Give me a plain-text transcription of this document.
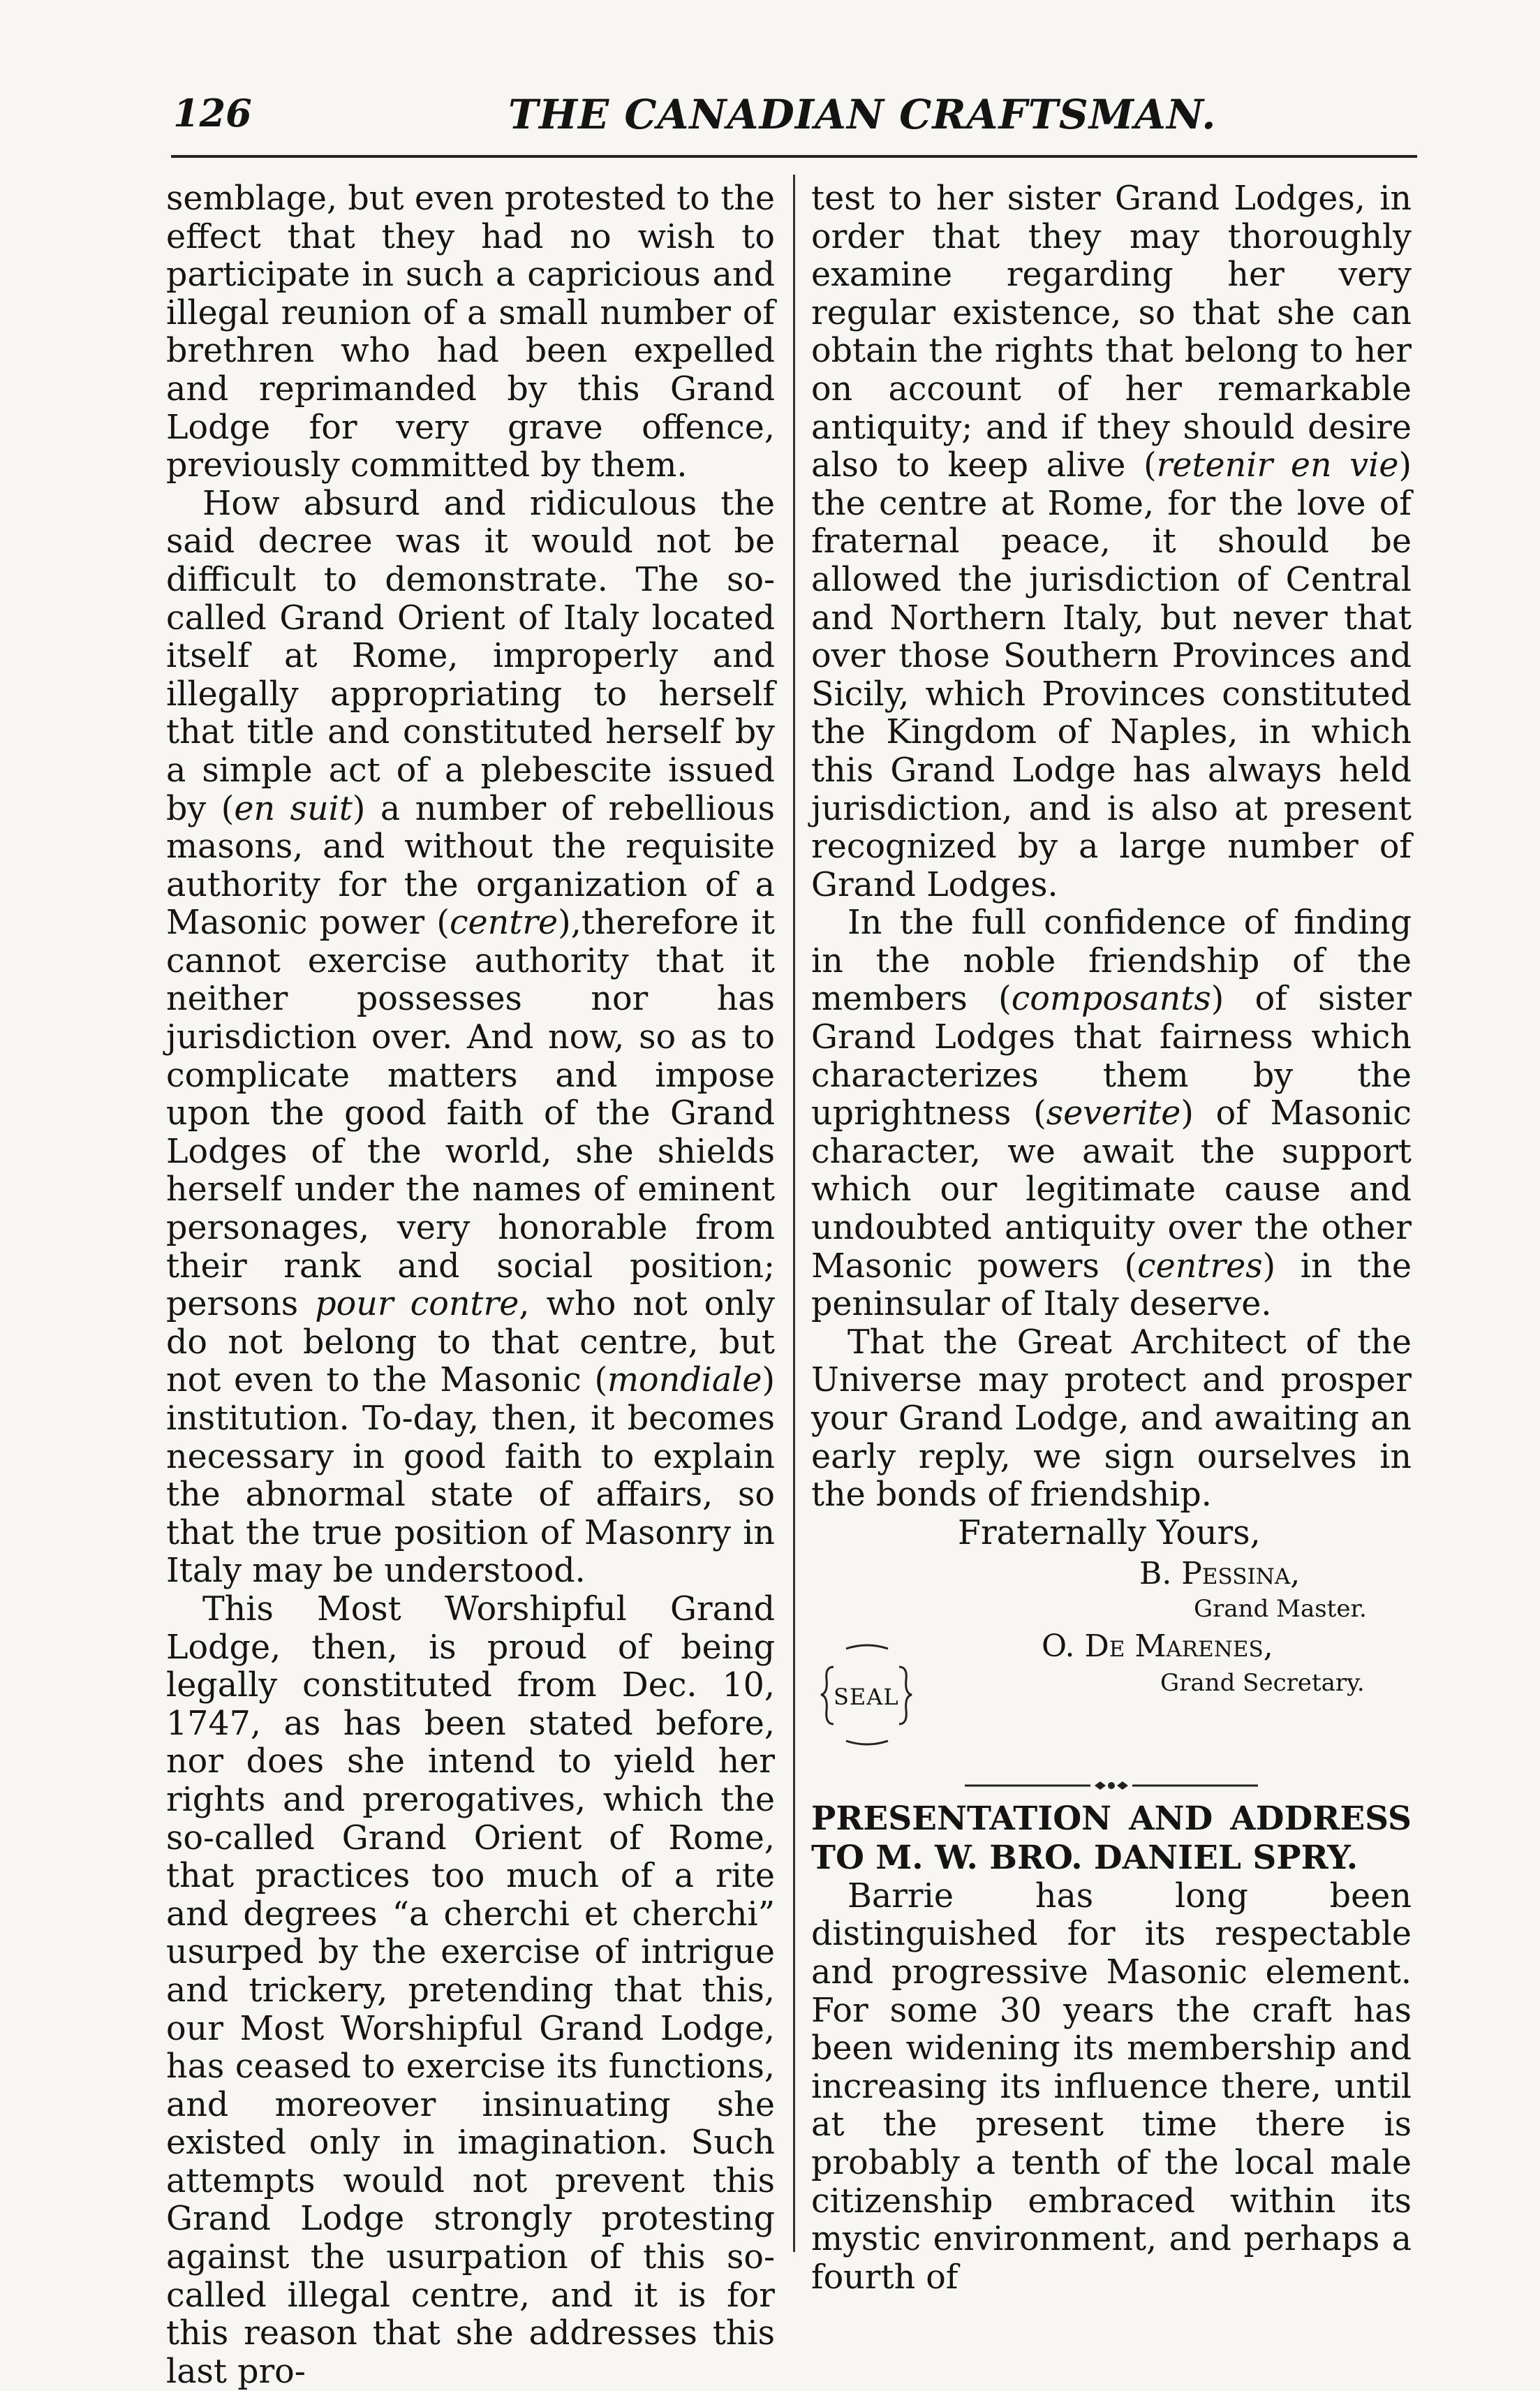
126	THE CANADIAN CRAFTSMAN.

semblage, but even protested to the effect that they had no wish to participate in such a capricious and illegal reunion of a small number of brethren who had been expelled and reprimanded by this Grand Lodge for very grave offence, previously committed by them.

How absurd and ridiculous the said decree was it would not be difficult to demonstrate. The so-called Grand Orient of Italy located itself at Rome, improperly and illegally appropriating to herself that title and constituted herself by a simple act of a plebescite issued by (en suit) a number of rebellious masons, and without the requisite authority for the organization of a Masonic power (centre),therefore it cannot exercise authority that it neither possesses nor has jurisdiction over. And now, so as to complicate matters and impose upon the good faith of the Grand Lodges of the world, she shields herself under the names of eminent personages, very honorable from their rank and social position; persons pour contre, who not only do not belong to that centre, but not even to the Masonic (mondiale) institution. To-day, then, it becomes necessary in good faith to explain the abnormal state of affairs, so that the true position of Masonry in Italy may be understood.

This Most Worshipful Grand Lodge, then, is proud of being legally constituted from Dec. 10, 1747, as has been stated before, nor does she intend to yield her rights and prerogatives, which the so-called Grand Orient of Rome, that practices too much of a rite and degrees “a cherchi et cherchi” usurped by the exercise of intrigue and trickery, pretending that this, our Most Worshipful Grand Lodge, has ceased to exercise its functions, and moreover insinuating she existed only in imagination. Such attempts would not prevent this Grand Lodge strongly protesting against the usurpation of this so-called illegal centre, and it is for this reason that she addresses this last pro-

test to her sister Grand Lodges, in order that they may thoroughly examine regarding her very regular existence, so that she can obtain the rights that belong to her on account of her remarkable antiquity; and if they should desire also to keep alive (retenir en vie) the centre at Rome, for the love of fraternal peace, it should be allowed the jurisdiction of Central and Northern Italy, but never that over those Southern Provinces and Sicily, which Provinces constituted the Kingdom of Naples, in which this Grand Lodge has always held jurisdiction, and is also at present recognized by a large number of Grand Lodges.

In the full confidence of finding in the noble friendship of the members (composants) of sister Grand Lodges that fairness which characterizes them by the uprightness (severite) of Masonic character, we await the support which our legitimate cause and undoubted antiquity over the other Masonic powers (centres) in the peninsular of Italy deserve.

That the Great Architect of the Universe may protect and prosper your Grand Lodge, and awaiting an early reply, we sign ourselves in the bonds of friendship.

Fraternally Yours,
B. Pessina,
Grand Master.
O. De Marenes,
Grand Secretary.
SEAL

PRESENTATION AND ADDRESS TO M. W. BRO. DANIEL SPRY.

Barrie has long been distinguished for its respectable and progressive Masonic element. For some 30 years the craft has been widening its membership and increasing its influence there, until at the present time there is probably a tenth of the local male citizenship embraced within its mystic environment, and perhaps a fourth of
